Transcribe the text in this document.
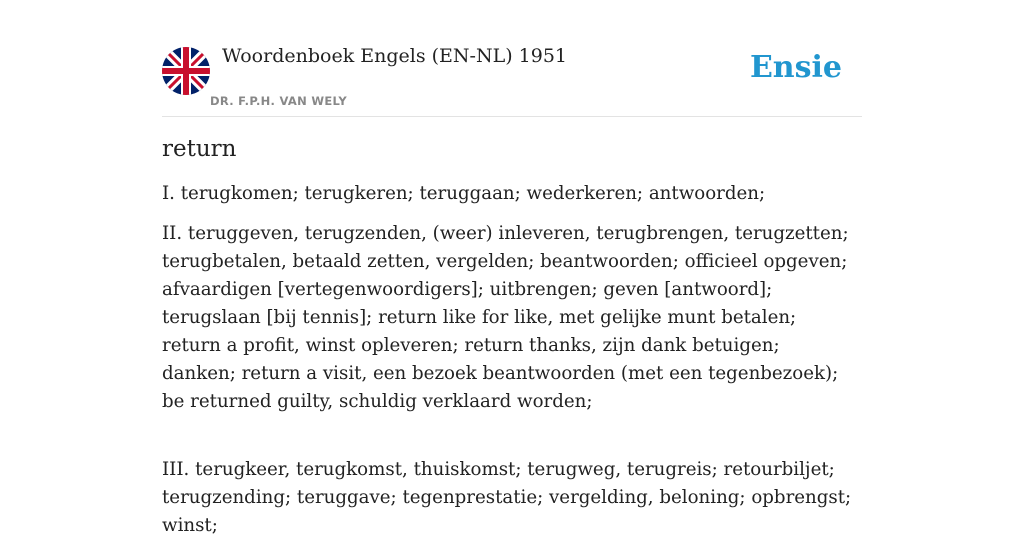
Woordenboek Engels (EN-NL) 1951
DR. F.P.H. VAN WELY
Ensie
return

I. terugkomen; terugkeren; teruggaan; wederkeren; antwoorden;

II. teruggeven, terugzenden, (weer) inleveren, terugbrengen, terugzetten; terugbetalen, betaald zetten, vergelden; beantwoorden; officieel opgeven; afvaardigen [vertegenwoordigers]; uitbrengen; geven [antwoord]; terugslaan [bij tennis]; return like for like, met gelijke munt betalen; return a profit, winst opleveren; return thanks, zijn dank betuigen; danken; return a visit, een bezoek beantwoorden (met een tegenbezoek); be returned guilty, schuldig verklaard worden;

III. terugkeer, terugkomst, thuiskomst; terugweg, terugreis; retourbiljet; terugzending; teruggave; tegenprestatie; vergelding, beloning; opbrengst; winst;
